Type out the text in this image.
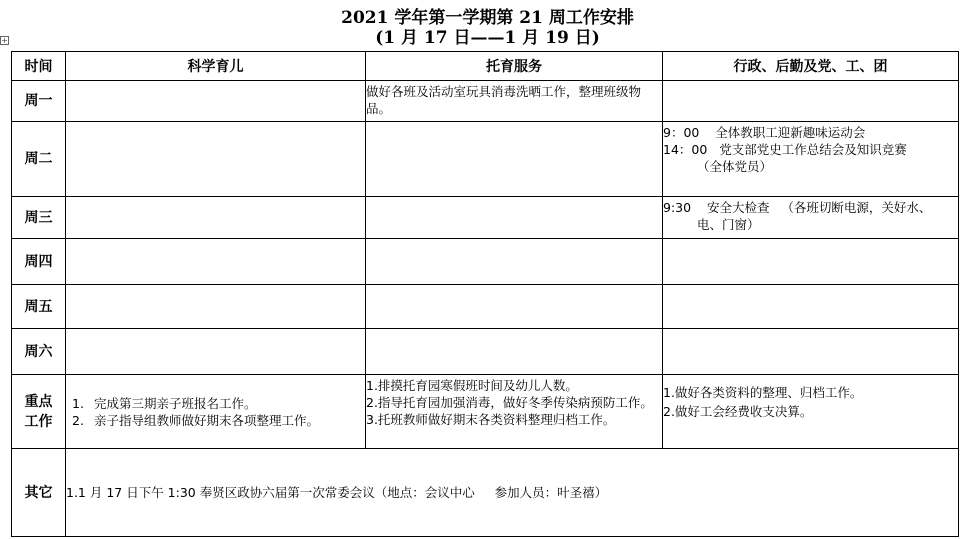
2021 学年第一学期第 21 周工作安排
(1 月 17 日——1 月 19 日)
+
时间	科学育儿	托育服务	行政、后勤及党、工、团
周一		做好各班及活动室玩具消毒洗晒工作，整理班级物品。	

周二			9：00    全体教职工迎新趣味运动会
14：00   党支部党史工作总结会及知识竞赛
（全体党员）

周三			9:30    安全大检查   （各班切断电源，关好水、
电、门窗）

周四			
周五			
周六			

重点工作	1. 完成第三期亲子班报名工作。
2. 亲子指导组教师做好期末各项整理工作。	1.排摸托育园寒假班时间及幼儿人数。
2.指导托育园加强消毒，做好冬季传染病预防工作。
3.托班教师做好期末各类资料整理归档工作。	1.做好各类资料的整理、归档工作。
2.做好工会经费收支决算。

其它	1.1 月 17 日下午 1:30 奉贤区政协六届第一次常委会议（地点：会议中心     参加人员：叶圣禧）		
